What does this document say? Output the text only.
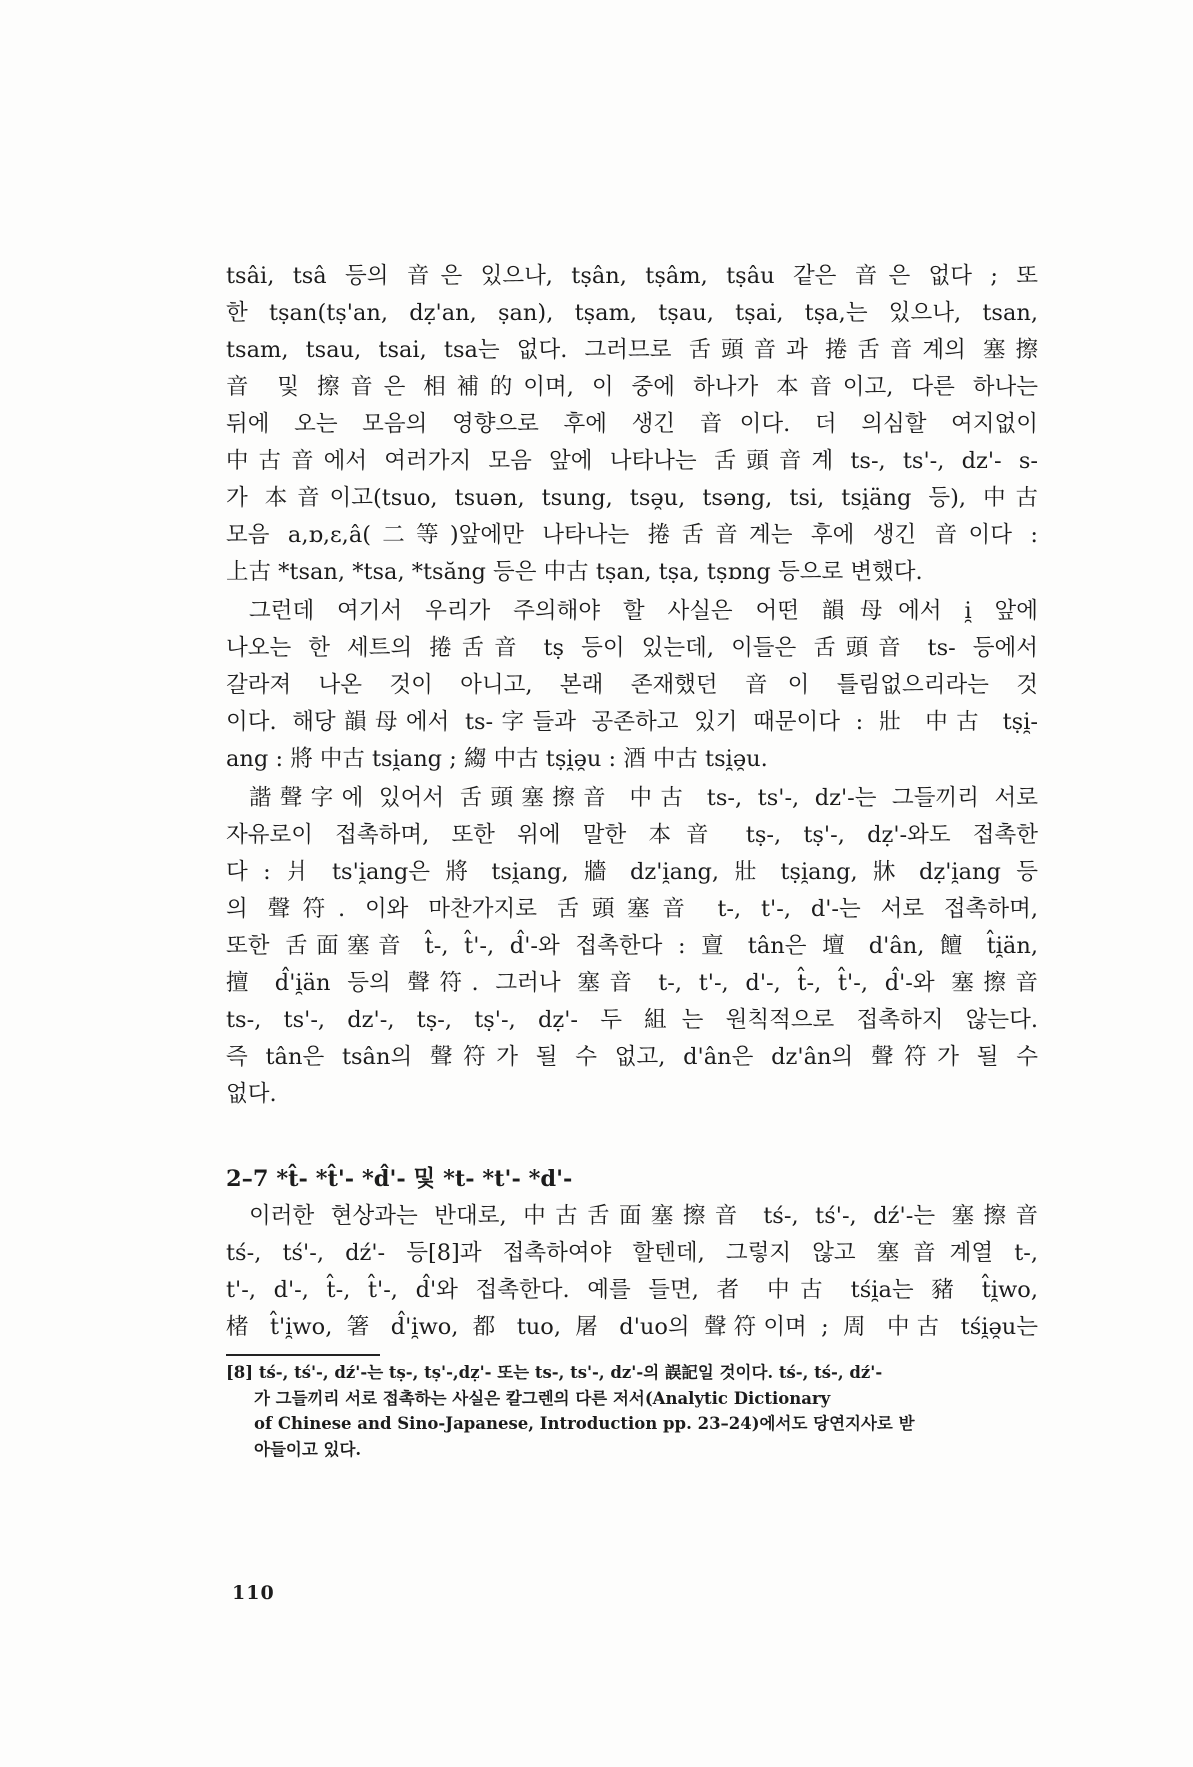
tsâi, tsâ 등의 音은 있으나, tṣân, tṣâm, tṣâu 같은 音은 없다 ; 또
한 tṣan(tṣ'an, dẓ'an, ṣan), tṣam, tṣau, tṣai, tṣa,는 있으나, tsan,
tsam, tsau, tsai, tsa는 없다. 그러므로 舌頭音과 捲舌音계의 塞擦
音 및 擦音은 相補的이며, 이 중에 하나가 本音이고, 다른 하나는
뒤에 오는 모음의 영향으로 후에 생긴 音이다. 더 의심할 여지없이
中古音에서 여러가지 모음 앞에 나타나는 舌頭音계 ts-, ts'-, dz'- s-
가 本音이고(tsuo, tsuən, tsung, tsə̯u, tsəng, tsi, tsi̯äng 등), 中古
모음 a,ɒ,ɛ,â(二等)앞에만 나타나는 捲舌音계는 후에 생긴 音이다 :
上古 *tsan, *tsa, *tsăng 등은 中古 tṣan, tṣa, tṣɒng 등으로 변했다.
그런데 여기서 우리가 주의해야 할 사실은 어떤 韻母에서 i̯ 앞에
나오는 한 세트의 捲舌音 tṣ 등이 있는데, 이들은 舌頭音 ts- 등에서
갈라져 나온 것이 아니고, 본래 존재했던 音이 틀림없으리라는 것
이다. 해당韻母에서 ts-字들과 공존하고 있기 때문이다 : 壯 中古 tṣi̯-
ang : 將 中古 tsi̯ang ; 縐 中古 tṣi̯ə̯u : 酒 中古 tsi̯ə̯u.
諧聲字에 있어서 舌頭塞擦音 中古 ts-, ts'-, dz'-는 그들끼리 서로
자유로이 접촉하며, 또한 위에 말한 本音 tṣ-, tṣ'-, dẓ'-와도 접촉한
다 : 爿 ts'i̯ang은 將 tsi̯ang, 牆 dz'i̯ang, 壯 tṣi̯ang, 牀 dẓ'i̯ang 등
의 聲符. 이와 마찬가지로 舌頭塞音 t-, t'-, d'-는 서로 접촉하며,
또한 舌面塞音 t̂-, t̂'-, d̂'-와 접촉한다 : 亶 tân은 壇 d'ân, 饘 t̂i̯än,
擅 d̂'i̯än 등의 聲符. 그러나 塞音 t-, t'-, d'-, t̂-, t̂'-, d̂'-와 塞擦音
ts-, ts'-, dz'-, tṣ-, tṣ'-, dẓ'- 두 組는 원칙적으로 접촉하지 않는다.
즉 tân은 tsân의 聲符가 될 수 없고, d'ân은 dz'ân의 聲符가 될 수
없다.
2–7 *t̂- *t̂'- *d̂'- 및 *t- *t'- *d'-
이러한 현상과는 반대로, 中古舌面塞擦音 tś-, tś'-, dź'-는 塞擦音
tś-, tś'-, dź'- 등[8]과 접촉하여야 할텐데, 그렇지 않고 塞音계열 t-,
t'-, d'-, t̂-, t̂'-, d̂'와 접촉한다. 예를 들면, 者 中古 tśi̯a는 豬 t̂i̯wo,
楮 t̂'i̯wo, 箸 d̂'i̯wo, 都 tuo, 屠 d'uo의 聲符이며 ; 周 中古 tśi̯ə̯u는
[8] tś-, tś'-, dź'-는 tṣ-, tṣ'-,dẓ'- 또는 ts-, ts'-, dz'-의 誤記일 것이다. tś-, tś-, dź'-
가 그들끼리 서로 접촉하는 사실은 칼그렌의 다른 저서(Analytic Dictionary
of Chinese and Sino-Japanese, Introduction pp. 23–24)에서도 당연지사로 받
아들이고 있다.
110
